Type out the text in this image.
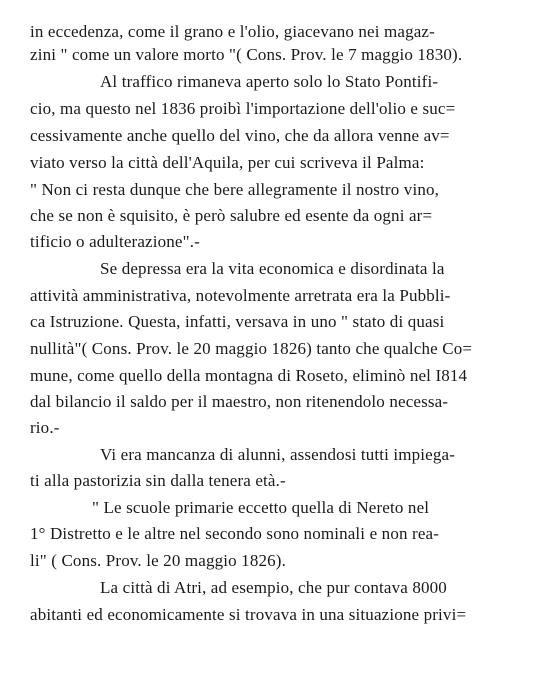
in eccedenza, come il grano e l'olio, giacevano nei magaz-
zini " come un valore morto "( Cons. Prov. le 7 maggio 1830).
Al traffico rimaneva aperto solo lo Stato Pontifi-
cio, ma questo nel 1836 proibì l'importazione dell'olio e suc=
cessivamente anche quello del vino, che da allora venne av=
viato verso la città dell'Aquila, per cui scriveva il Palma:
" Non ci resta dunque che bere allegramente il nostro vino,
che se non è squisito, è però salubre ed esente da ogni ar=
tificio o adulterazione".-
Se depressa era la vita economica e disordinata la
attività amministrativa, notevolmente arretrata era la Pubbli-
ca Istruzione. Questa, infatti, versava in uno " stato di quasi
nullità"( Cons. Prov. le 20 maggio 1826) tanto che qualche Co=
mune, come quello della montagna di Roseto, eliminò nel I814
dal bilancio il saldo per il maestro, non ritenendolo necessa-
rio.-
Vi era mancanza di alunni, assendosi tutti impiega-
ti alla pastorizia sin dalla tenera età.-
" Le scuole primarie eccetto quella di Nereto nel
1° Distretto e le altre nel secondo sono nominali e non rea-
li" ( Cons. Prov. le 20 maggio 1826).
La città di Atri, ad esempio, che pur contava 8000
abitanti ed economicamente si trovava in una situazione privi=
